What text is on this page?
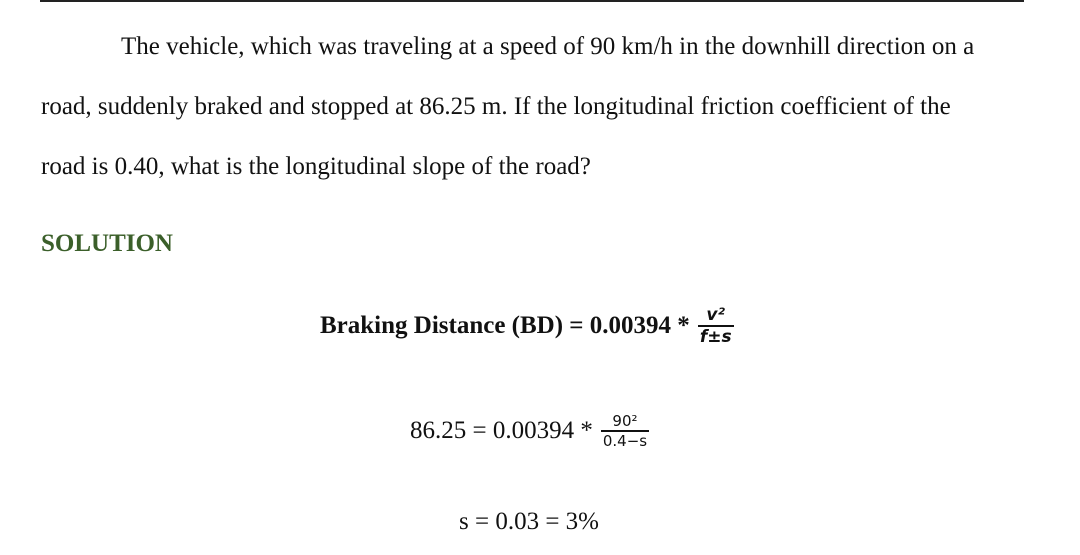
The vehicle, which was traveling at a speed of 90 km/h in the downhill direction on a
road, suddenly braked and stopped at 86.25 m. If the longitudinal friction coefficient of the
road is 0.40, what is the longitudinal slope of the road?
SOLUTION
Braking Distance $(BD) = 0.00394 * \frac{\text{v²}}{f\pm s}$
$86.25 = 0.00394 * \frac{\text{90²}}{0.4-s}$
s = 0.03 = 3%
